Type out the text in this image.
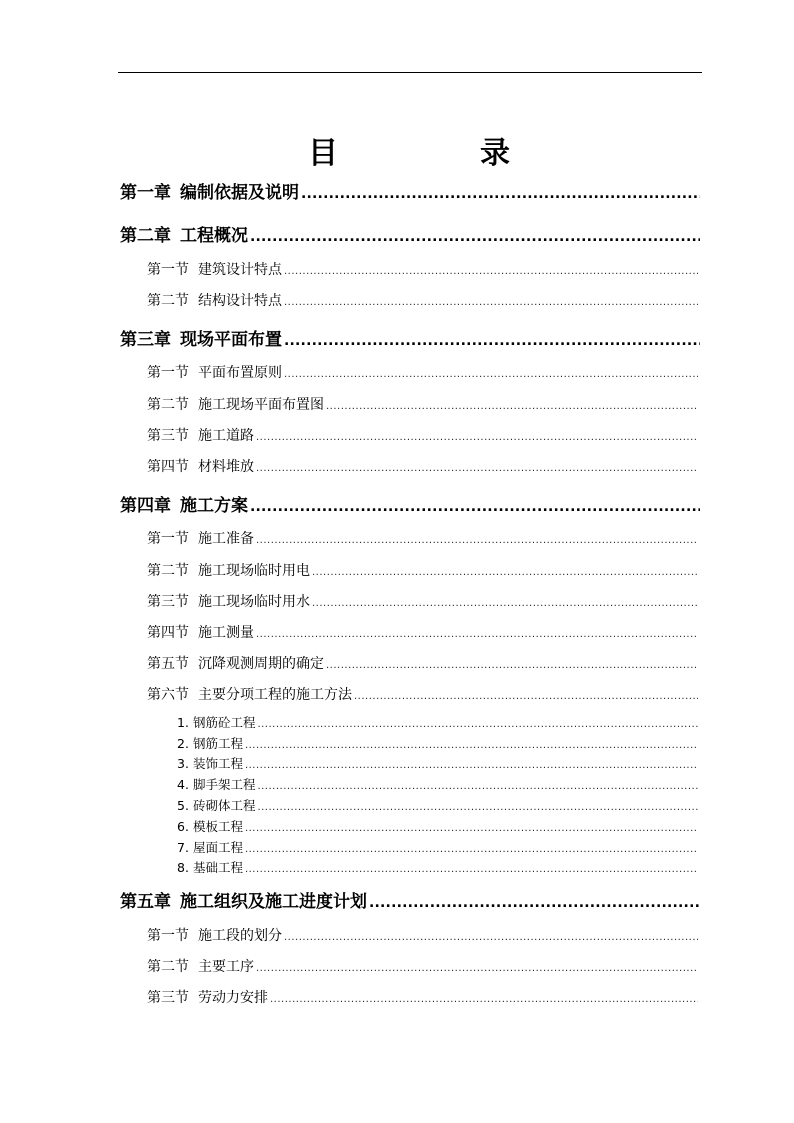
目	录
第一章 编制依据及说明
.....
第二章 工程概况
.....
第一节 建筑设计特点
.....
第二节 结构设计特点
.....
第三章 现场平面布置
.....
第一节 平面布置原则
.....
第二节 施工现场平面布置图
.....
第三节 施工道路
.....
第四节 材料堆放
.....
第四章 施工方案
.....
第一节 施工准备
.....
第二节 施工现场临时用电
.....
第三节 施工现场临时用水
.....
第四节 施工测量
.....
第五节 沉降观测周期的确定
.....
第六节 主要分项工程的施工方法
.....
1. 钢筋砼工程
.....
2. 钢筋工程
.....
3. 装饰工程
.....
4. 脚手架工程
.....
5. 砖砌体工程
.....
6. 模板工程
.....
7. 屋面工程
.....
8. 基础工程
.....
第五章 施工组织及施工进度计划
.....
第一节 施工段的划分
.....
第二节 主要工序
.....
第三节 劳动力安排
.....
